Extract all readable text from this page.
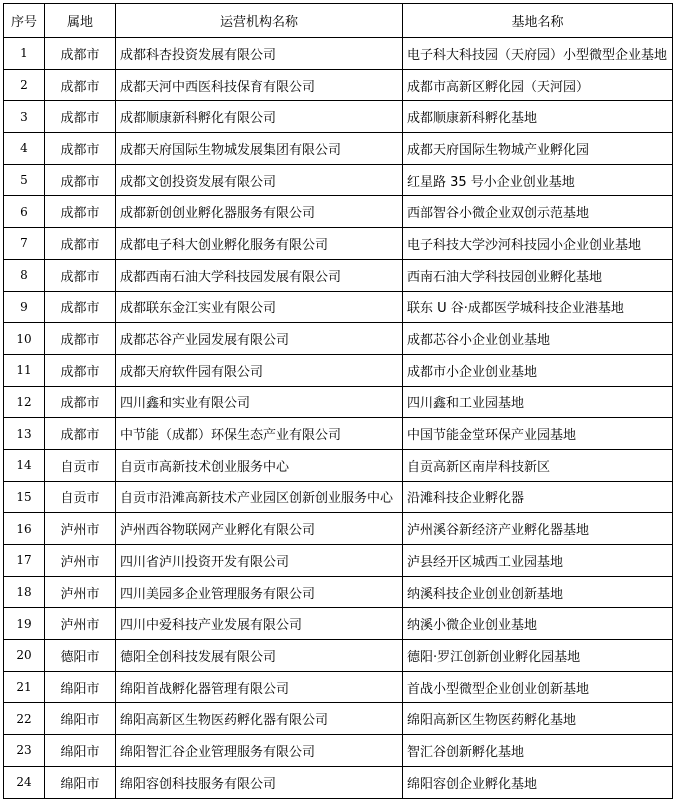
序号	属地	运营机构名称	基地名称
1	成都市	成都科杏投资发展有限公司	电子科大科技园（天府园）小型微型企业基地
2	成都市	成都天河中西医科技保育有限公司	成都市高新区孵化园（天河园）
3	成都市	成都顺康新科孵化有限公司	成都顺康新科孵化基地
4	成都市	成都天府国际生物城发展集团有限公司	成都天府国际生物城产业孵化园
5	成都市	成都文创投资发展有限公司	红星路 35 号小企业创业基地
6	成都市	成都新创创业孵化器服务有限公司	西部智谷小微企业双创示范基地
7	成都市	成都电子科大创业孵化服务有限公司	电子科技大学沙河科技园小企业创业基地
8	成都市	成都西南石油大学科技园发展有限公司	西南石油大学科技园创业孵化基地
9	成都市	成都联东金江实业有限公司	联东 U 谷·成都医学城科技企业港基地
10	成都市	成都芯谷产业园发展有限公司	成都芯谷小企业创业基地
11	成都市	成都天府软件园有限公司	成都市小企业创业基地
12	成都市	四川鑫和实业有限公司	四川鑫和工业园基地
13	成都市	中节能（成都）环保生态产业有限公司	中国节能金堂环保产业园基地
14	自贡市	自贡市高新技术创业服务中心	自贡高新区南岸科技新区
15	自贡市	自贡市沿滩高新技术产业园区创新创业服务中心	沿滩科技企业孵化器
16	泸州市	泸州西谷物联网产业孵化有限公司	泸州溪谷新经济产业孵化器基地
17	泸州市	四川省泸川投资开发有限公司	泸县经开区城西工业园基地
18	泸州市	四川美园多企业管理服务有限公司	纳溪科技企业创业创新基地
19	泸州市	四川中爱科技产业发展有限公司	纳溪小微企业创业基地
20	德阳市	德阳全创科技发展有限公司	德阳·罗江创新创业孵化园基地
21	绵阳市	绵阳首战孵化器管理有限公司	首战小型微型企业创业创新基地
22	绵阳市	绵阳高新区生物医药孵化器有限公司	绵阳高新区生物医药孵化基地
23	绵阳市	绵阳智汇谷企业管理服务有限公司	智汇谷创新孵化基地
24	绵阳市	绵阳容创科技服务有限公司	绵阳容创企业孵化基地
